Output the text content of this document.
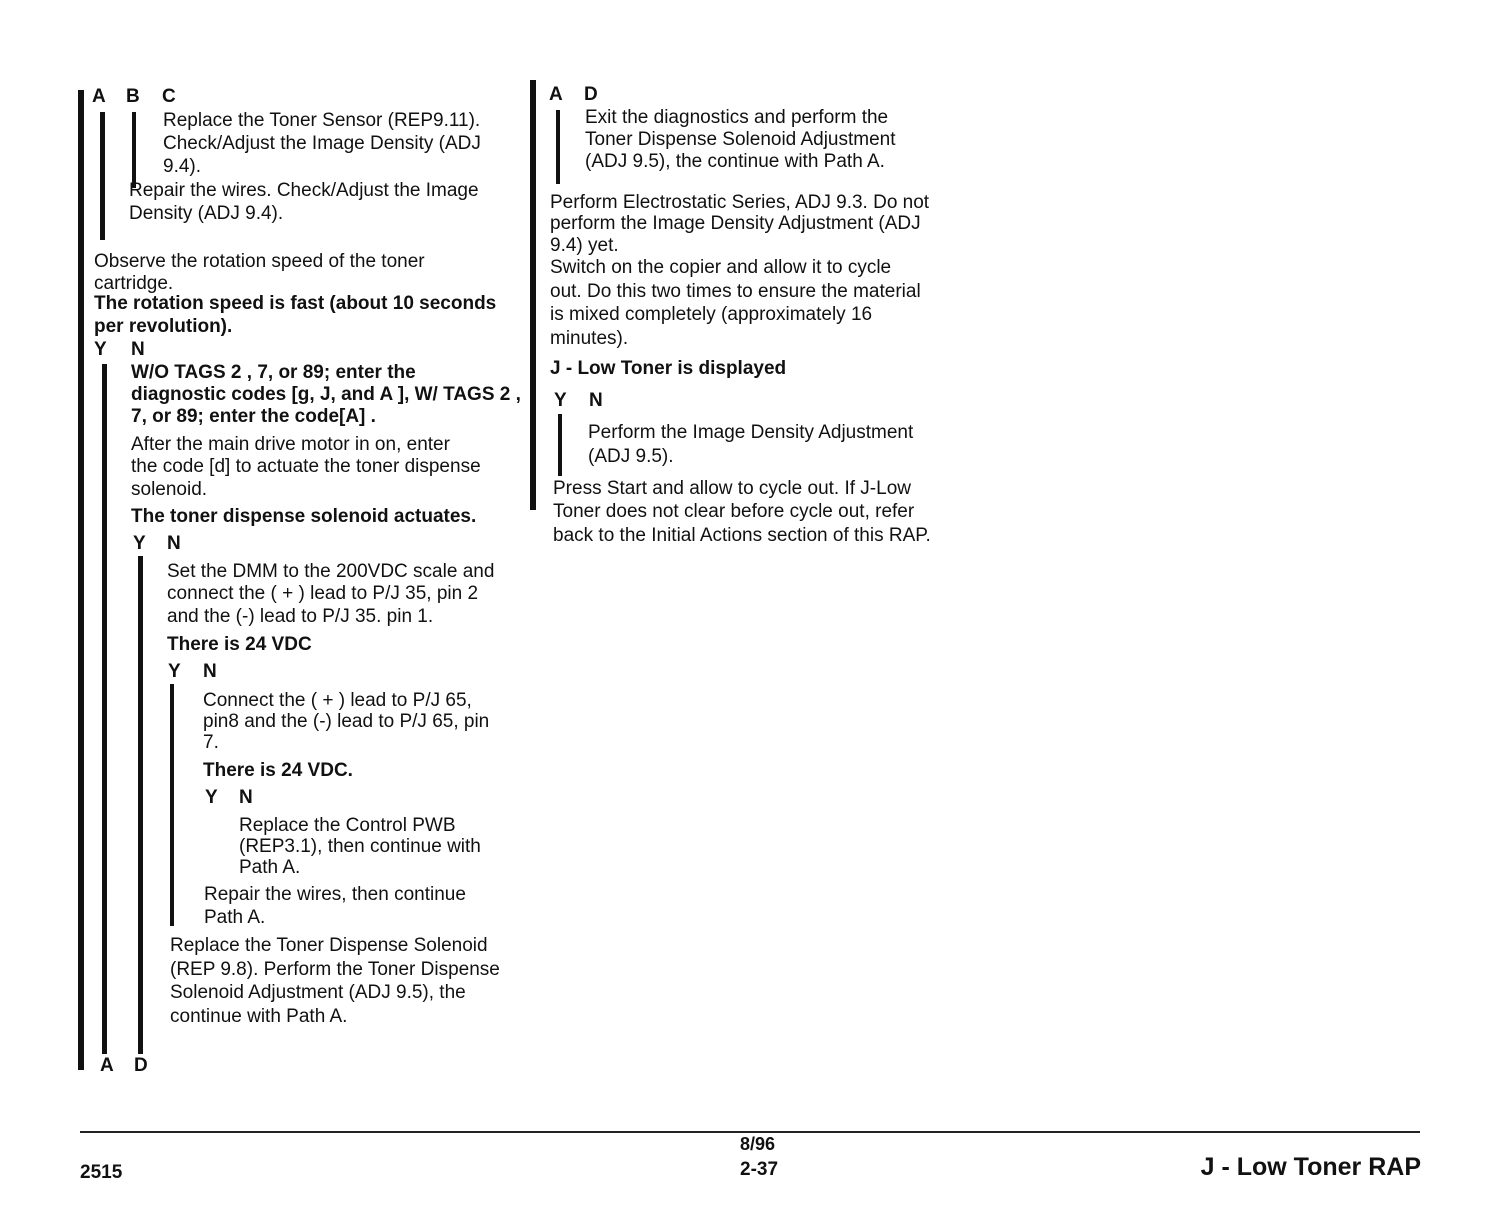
A B C
Replace the Toner Sensor (REP9.11).
Check/Adjust the Image Density (ADJ
9.4).
Repair the wires. Check/Adjust the Image
Density (ADJ 9.4).
Observe the rotation speed of the toner
cartridge.
The rotation speed is fast (about 10 seconds
per revolution).
Y N
W/O TAGS 2 , 7, or 89; enter the
diagnostic codes [g, J, and A ], W/ TAGS 2 ,
7, or 89; enter the code[A] .
After the main drive motor in on, enter
the code [d] to actuate the toner dispense
solenoid.
The toner dispense solenoid actuates.
Y N
Set the DMM to the 200VDC scale and
connect the ( + ) lead to P/J 35, pin 2
and the (-) lead to P/J 35. pin 1.
There is 24 VDC
Y N
Connect the ( + ) lead to P/J 65,
pin8 and the (-) lead to P/J 65, pin
7.
There is 24 VDC.
Y N
Replace the Control PWB
(REP3.1), then continue with
Path A.
Repair the wires, then continue
Path A.
Replace the Toner Dispense Solenoid
(REP 9.8). Perform the Toner Dispense
Solenoid Adjustment (ADJ 9.5), the
continue with Path A.
A D
A D
Exit the diagnostics and perform the
Toner Dispense Solenoid Adjustment
(ADJ 9.5), the continue with Path A.
Perform Electrostatic Series, ADJ 9.3. Do not
perform the Image Density Adjustment (ADJ
9.4) yet.
Switch on the copier and allow it to cycle
out. Do this two times to ensure the material
is mixed completely (approximately 16
minutes).
J - Low Toner is displayed
Y N
Perform the Image Density Adjustment
(ADJ 9.5).
Press Start and allow to cycle out. If J-Low
Toner does not clear before cycle out, refer
back to the Initial Actions section of this RAP.
2515
8/96
2-37	J - Low Toner RAP
